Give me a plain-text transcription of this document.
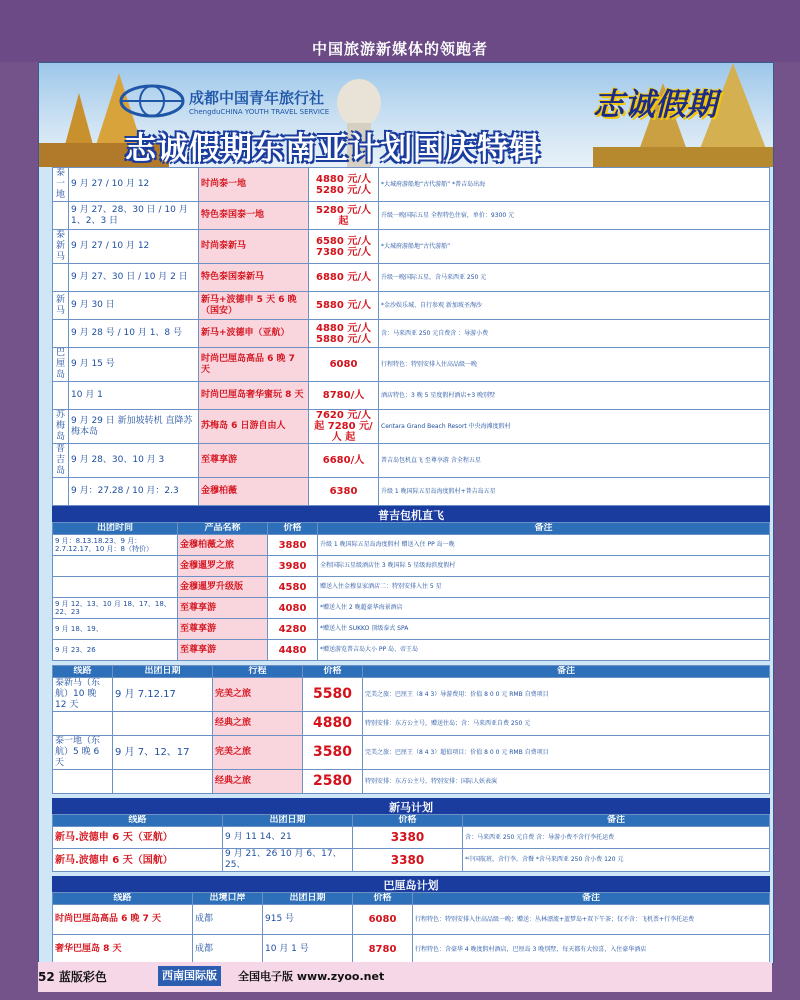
中国旅游新媒体的领跑者
成都中国青年旅行社
ChengduCHINA YOUTH TRAVEL SERVICE	志诚假期
志诚假期东南亚计划国庆特辑
泰一地	9 月 27 / 10 月 12	时尚泰一地	4880 元/人 5280 元/人	*大城府游船地“古代游船” *普吉岛出海
	9 月 27、28、30 日 / 10 月 1、2、3 日	特色泰国泰一地	5280 元/人 起	升级一晚国际五星 全程特色住宿，单价：9300 元
泰新马	9 月 27 / 10 月 12	时尚泰新马	6580 元/人 7380 元/人	*大城府游船地“古代游船”
	9 月 27、30 日 / 10 月 2 日	特色泰国泰新马	6880 元/人	升级一晚国际五星，含马来西亚 250 元
新马	9 月 30 日	新马+波德申 5 天 6 晚（国安）	5880 元/人	*金沙娱乐城、自行参观 新加坡圣淘沙
	9 月 28 号 / 10 月 1、8 号	新马+波德申（亚航）	4880 元/人 5880 元/人	含：马来西亚 250 元自费含 ：导游小费
巴厘岛	9 月 15 号	时尚巴厘岛高品 6 晚 7 天	6080	行程特色：特别安排入住高品级一晚
	10 月 1	时尚巴厘岛奢华蜜玩 8 天	8780/人	酒店特色：3 晚 5 星度假村酒店+3 晚别墅
苏梅岛	9 月 29 日 新加坡转机 直降苏梅本岛	苏梅岛 6 日游自由人	7620 元/人 起 7280 元/人 起	Centara Grand Beach Resort 中央海滩度假村
普吉岛	9 月 28、30、10 月 3	至尊享游	6680/人	普吉岛包机直飞 至尊享游 含全程五星
	9 月：27.28 / 10 月：2.3	金穆柏薇	6380	升级 1 晚国际五星岛海度假村+普吉岛五星
普吉包机直飞
出团时间	产品名称	价格	备注
9 月：8.13.18.23、9 月：2.7.12.17、10 月：8（特价）	金穆柏薇之旅	3880	升级 1 晚国际五星岛海度假村 赠送入住 PP 岛一晚
	金穆暹罗之旅	3980	全程国际五星级酒店住 3 晚国际 5 星级海滨度假村
	金穆暹罗升级版	4580	赠送入住金穆皇家酒店二：特别安排入住 5 星
9 月 12、13、10 月 18、17、18、22、23	至尊享游	4080	*赠送入住 2 晚超豪华海景酒店
9 月 18、19、	至尊享游	4280	*赠送入住 SUKKO 顶级泰式 SPA
9 月 23、26	至尊享游	4480	*赠送游览普吉岛大小 PP 岛、帝王岛
线路	出团日期	行程	价格	备注
泰新马（东航）10 晚 12 天	9 月 7.12.17	完美之旅	5580	完美之旅：巴厘王（8 4 3）导游费用：价值 8 0 0 元 RMB 自费项目
		经典之旅	4880	特别安排：东方公主号，赠送住岛；含：马来西亚自费 250 元
泰一地（东航）5 晚 6 天	9 月 7、12、17	完美之旅	3580	完美之旅：巴厘王（8 4 3）超值项目：价值 8 0 0 元 RMB 自费项目
		经典之旅	2580	特别安排：东方公主号，特别安排：国际人妖表演
新马计划
线路	出团日期	价格	备注
新马.波德申 6 天（亚航）	9 月 11 14、21	3380	含：马来西亚 250 元自费 含：导游小费不含行李托运费
新马.波德申 6 天（国航）	9 月 21、26 10 月 6、17、25、	3380	*中国航班，含行李，含餐 *含马来西亚 250 含小费 120 元
巴厘岛计划
线路	出境口岸	出团日期	价格	备注
时尚巴厘岛高品 6 晚 7 天	成都	915 号	6080	行程特色：特别安排入住高品级一晚；赠送：丛林漂流+蓝梦岛+双下午茶；仅不含：飞机票+行李托运费
奢华巴厘岛 8 天	成都	10 月 1 号	8780	行程特色：含豪华 4 晚度假村酒店，巴厘岛 3 晚别墅，每天都有大惊喜，入住豪华酒店
52 蓝版彩色	西南国际版	全国电子版 www.zyoo.net
